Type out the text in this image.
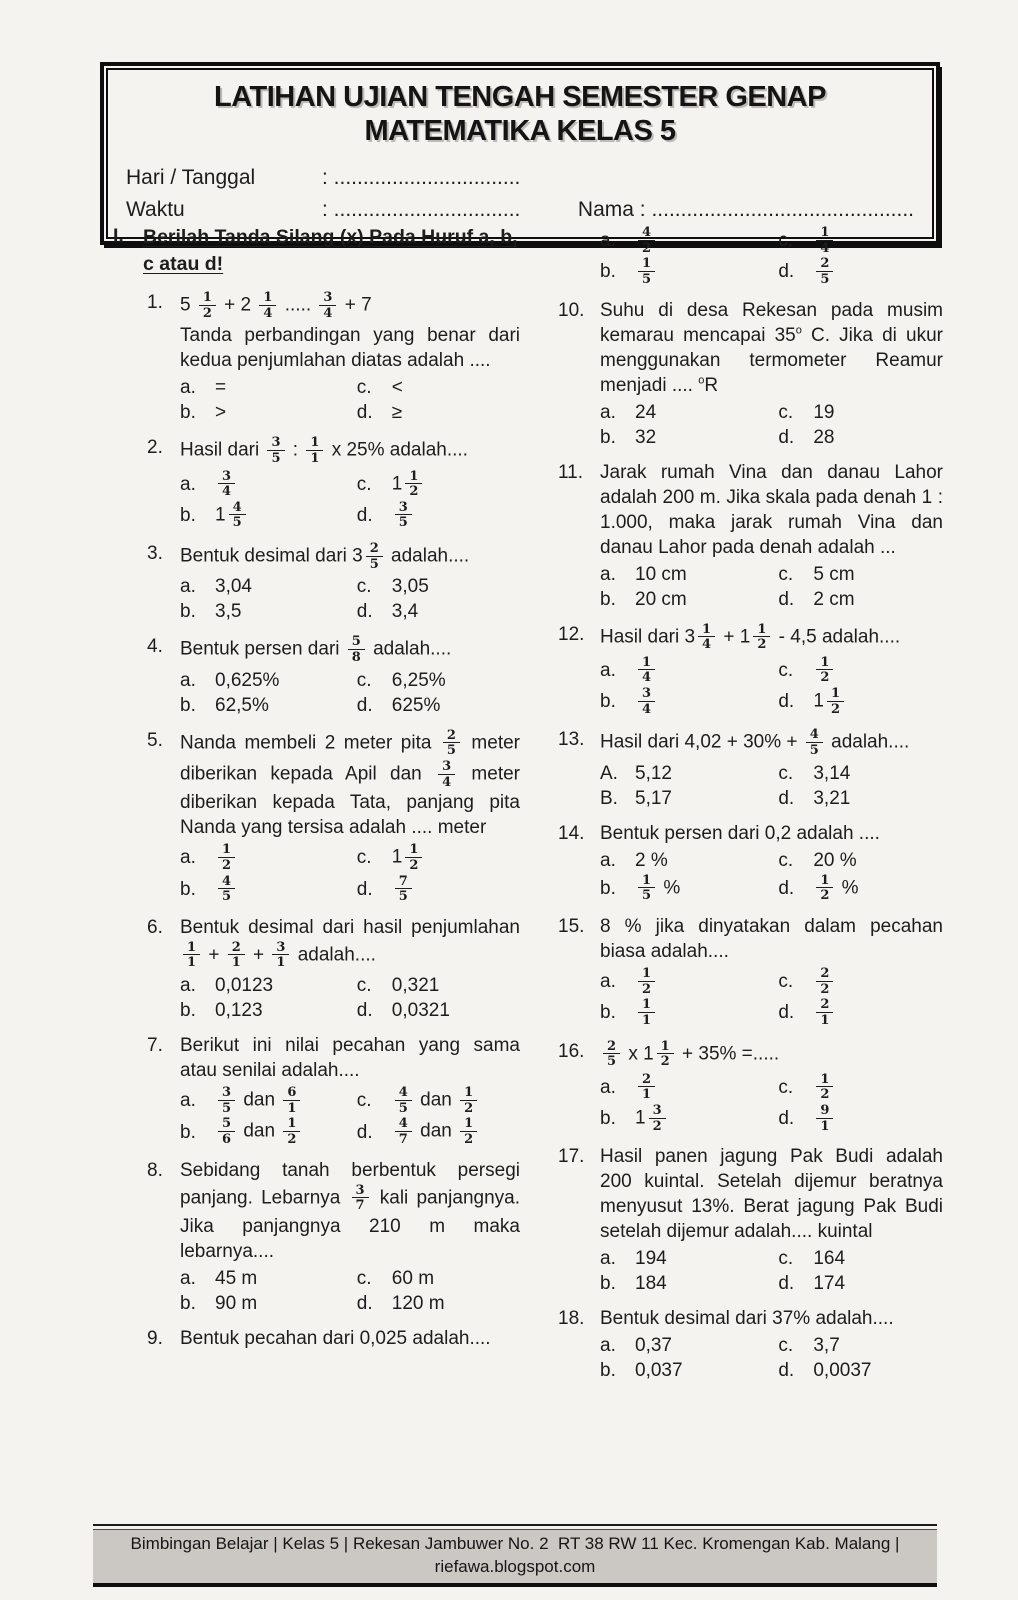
LATIHAN UJIAN TENGAH SEMESTER GENAP
MATEMATIKA KELAS 5
Hari / Tanggal	: ................................
Waktu	: ................................	Nama : .............................................
I. Berilah Tanda Silang (x) Pada Huruf a, b, c atau d!
1. $5 \frac{1}{2} + 2 \frac{1}{4}$ ..... $\frac{3}{4} + 7$

Tanda perbandingan yang benar dari kedua penjumlahan diatas adalah ....

a.	=	c.	<
b.	>	d.	≥
2. Hasil dari $\frac{3}{5}$ : $\frac{1}{1}$ x 25% adalah....

a.	$\frac{3}{4}$	c.	$1 \frac{1}{2}$
b.	$1 \frac{4}{5}$	d.	$\frac{3}{5}$
3. Bentuk desimal dari $3 \frac{2}{5}$ adalah....

a.	3,04	c.	3,05
b.	3,5	d.	3,4
4. Bentuk persen dari $\frac{5}{8}$ adalah....

a.	0,625%	c.	6,25%
b.	62,5%	d.	625%
5. Nanda membeli 2 meter pita $\frac{2}{5}$ meter diberikan kepada Apil dan $\frac{3}{4}$ meter diberikan kepada Tata, panjang pita Nanda yang tersisa adalah .... meter

a.	$\frac{1}{2}$	c.	$1 \frac{1}{2}$
b.	$\frac{4}{5}$	d.	$\frac{7}{5}$
6. Bentuk desimal dari hasil penjumlahan
$\frac{1}{1} + \frac{2}{1} + \frac{3}{1}$ adalah....

a.	0,0123	c.	0,321
b.	0,123	d.	0,0321
7. Berikut ini nilai pecahan yang sama atau senilai adalah....

a.	$\frac{3}{5}$ dan $\frac{6}{1}$	c.	$\frac{4}{5}$ dan $\frac{1}{2}$
b.	$\frac{5}{6}$ dan $\frac{1}{2}$	d.	$\frac{4}{7}$ dan $\frac{1}{2}$
8. Sebidang tanah berbentuk persegi panjang. Lebarnya $\frac{3}{7}$ kali panjangnya. Jika panjangnya 210 m maka lebarnya....

a.	45 m	c.	60 m
b.	90 m	d.	120 m
9. Bentuk pecahan dari 0,025 adalah....

a.	$\frac{4}{2}$	c.	$\frac{1}{4}$
b.	$\frac{1}{5}$	d.	$\frac{2}{5}$
10. Suhu di desa Rekesan pada musim kemarau mencapai 35$^o$ C. Jika di ukur menggunakan termometer Reamur menjadi .... $^o$R

a.	24	c.	19
b.	32	d.	28
11. Jarak rumah Vina dan danau Lahor adalah 200 m. Jika skala pada denah 1 : 1.000, maka jarak rumah Vina dan danau Lahor pada denah adalah ...

a.	10 cm	c.	5 cm
b.	20 cm	d.	2 cm
12. Hasil dari $3 \frac{1}{4} + 1 \frac{1}{2} - 4,5$ adalah....

a.	$\frac{1}{4}$	c.	$\frac{1}{2}$
b.	$\frac{3}{4}$	d.	$1 \frac{1}{2}$
13. Hasil dari $4,02 + 30\% + \frac{4}{5}$ adalah....

A. 5,12	c.	3,14
B. 5,17	d.	3,21
14. Bentuk persen dari 0,2 adalah ....

a.	2 %	c.	20 %
b.	$\frac{1}{5}$ %	d.	$\frac{1}{2}$ %
15. 8 % jika dinyatakan dalam pecahan biasa adalah....

a.	$\frac{1}{2}$	c.	$\frac{2}{2}$
b.	$\frac{1}{1}$	d.	$\frac{2}{1}$
16.	$\frac{2}{5}$ x $1 \frac{1}{2} + 35\%$ =.....

a.	$\frac{2}{1}$	c.	$\frac{1}{2}$
b.	$1 \frac{3}{2}$	d.	$\frac{9}{1}$
17. Hasil panen jagung Pak Budi adalah 200 kuintal. Setelah dijemur beratnya menyusut 13%. Berat jagung Pak Budi setelah dijemur adalah.... kuintal

a.	194	c.	164
b.	184	d.	174
18. Bentuk desimal dari 37% adalah....

a.	0,37	c.	3,7
b.	0,037	d.	0,0037
Bimbingan Belajar | Kelas 5 | Rekesan Jambuwer No. 2  RT 38 RW 11 Kec. Kromengan Kab. Malang | riefawa.blogspot.com
